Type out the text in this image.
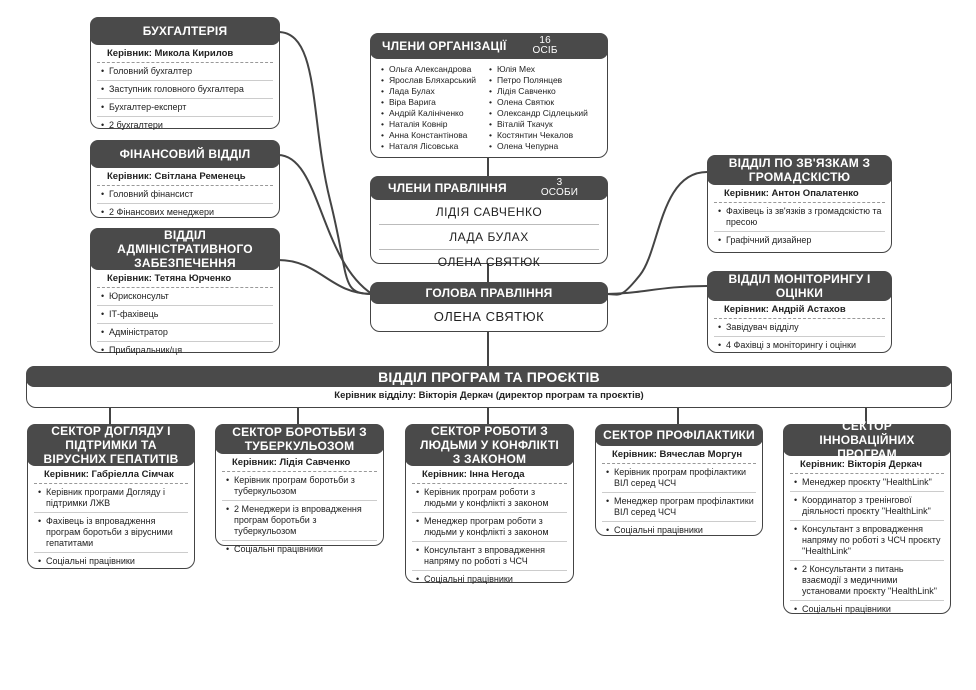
ЧЛЕНИ ОРГАНІЗАЦІЇ	16
ОСІБ
• Ольга Александрова
• Ярослав Бляхарський
• Лада Булах
• Віра Варига
• Андрій Калініченко
• Наталія Ковнір
• Анна Константінова
• Наталя Лісовська
• Юлія Мех
• Петро Полянцев
• Лідія Савченко
• Олена Святюк
• Олександр Сідлецький
• Віталій Ткачук
• Костянтин Чекалов
• Олена Чепурна
ЧЛЕНИ ПРАВЛІННЯ	3
ОСОБИ
ЛІДІЯ САВЧЕНКО
ЛАДА БУЛАХ
ОЛЕНА СВЯТЮК
ГОЛОВА ПРАВЛІННЯ
ОЛЕНА СВЯТЮК
БУХГАЛТЕРІЯ
Керівник: Микола Кирилов
• Головний бухгалтер
• Заступник головного бухгалтера
• Бухгалтер-експерт
• 2 бухгалтери
ФІНАНСОВИЙ ВІДДІЛ
Керівник: Світлана Ременець
• Головний фінансист
• 2 Фінансових менеджери
ВІДДІЛ АДМІНІСТРАТИВНОГО ЗАБЕЗПЕЧЕННЯ
Керівник: Тетяна Юрченко
• Юрисконсульт
• ІТ-фахівець
• Адміністратор
• Прибиральник/ця
ВІДДІЛ ПО ЗВ'ЯЗКАМ З ГРОМАДСКІСТЮ
Керівник: Антон Опалатенко
• Фахівець із зв'язків з громадскістю та пресою
• Графічний дизайнер
ВІДДІЛ МОНІТОРИНГУ І ОЦІНКИ
Керівник: Андрій Астахов
• Завідувач відділу
• 4 Фахівці з моніторингу і оцінки
ВІДДІЛ ПРОГРАМ ТА ПРОЄКТІВ
Керівник відділу: Вікторія Деркач (директор програм та проєктів)
СЕКТОР ДОГЛЯДУ І ПІДТРИМКИ ТА ВІРУСНИХ ГЕПАТИТІВ
Керівник: Габріелла Сімчак
• Керівник програми Догляду і підтримки ЛЖВ
• Фахівець із впровадження програм боротьби з вірусними гепатитами
• Соціальні працівники
СЕКТОР БОРОТЬБИ З ТУБЕРКУЛЬОЗОМ
Керівник: Лідія Савченко
• Керівник програм боротьби з туберкульозом
• 2 Менеджери із впровадження програм боротьби з туберкульозом
• Соціальні працівники
СЕКТОР РОБОТИ З ЛЮДЬМИ У КОНФЛІКТІ З ЗАКОНОМ
Керівник: Інна Негода
• Керівник програм роботи з людьми у конфлікті з законом
• Менеджер програм роботи з людьми у конфлікті з законом
• Консультант з впровадження напряму по роботі з ЧСЧ
• Соціальні працівники
СЕКТОР ПРОФІЛАКТИКИ
Керівник: Вячеслав Моргун
• Керівник програм профілактики ВІЛ серед ЧСЧ
• Менеджер програм профілактики ВІЛ серед ЧСЧ
• Соціальні працівники
СЕКТОР ІННОВАЦІЙНИХ ПРОГРАМ
Керівник: Вікторія Деркач
• Менеджер проєкту "HealthLink"
• Координатор з тренінгової діяльності проєкту "HealthLink"
• Консультант з впровадження напряму по роботі з ЧСЧ проєкту "HealthLink"
• 2 Консультанти з питань взаємодії з медичними установами проєкту "HealthLink"
• Соціальні працівники
